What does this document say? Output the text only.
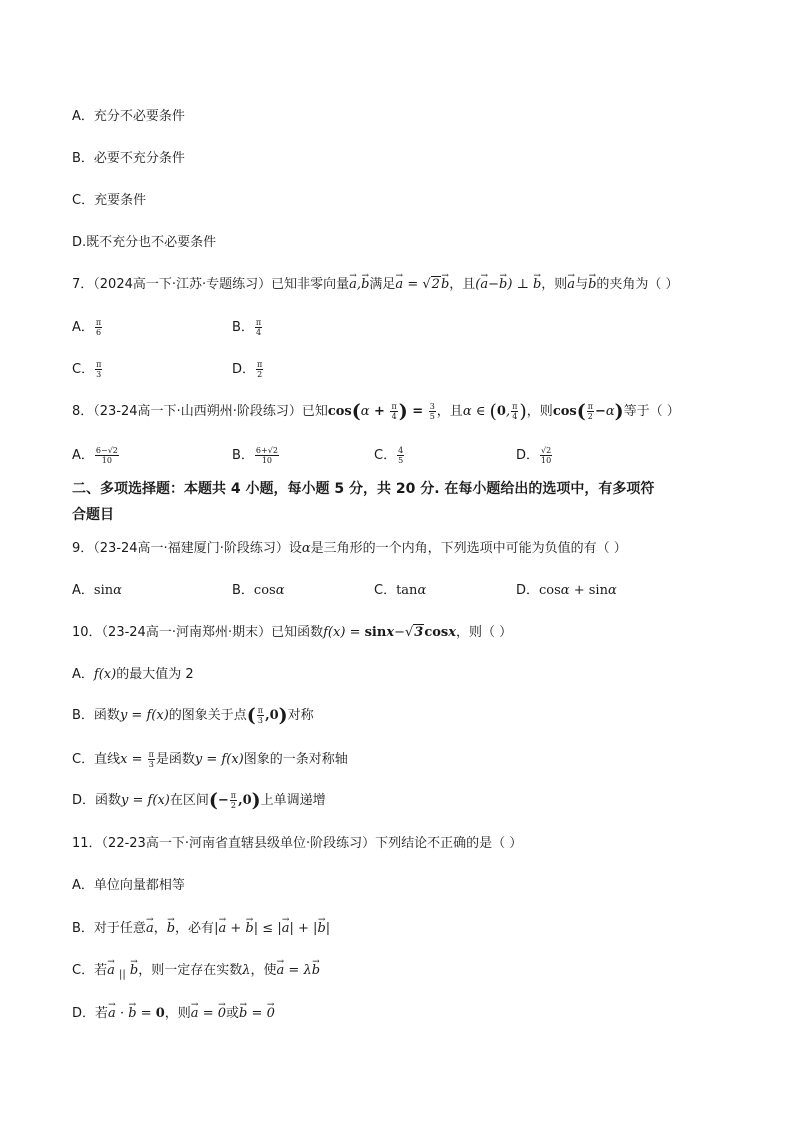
A．充分不必要条件
B．必要不充分条件
C．充要条件
D.既不充分也不必要条件
7．（2024高一下·江苏·专题练习）已知非零向量→ a,→ b满足→ a = √2→ b，且(→ a−→ b) ⊥ → b，则→ a与→ b的夹角为（ ）
A． $\frac{\pi}{6}$	B． $\frac{\pi}{4}$
C． $\frac{\pi}{3}$	D． $\frac{\pi}{2}$
8．（23-24高一下·山西朔州·阶段练习）已知$\cos(\alpha + \frac{\pi}{4}$ ) = $\frac{3}{5}$ ，且α ∈ (0, $\frac{\pi}{4}$ )，则$\cos( \frac{\pi}{2} -\alpha)$等于（ ）
A． $\frac{6-√2}{10}$	B． $\frac{6+√2}{10}$	C． $\frac{4}{5}$	D． $\frac{√2}{10}$
二、多项选择题：本题共 4 小题，每小题 5 分，共 20 分. 在每小题给出的选项中，有多项符
合题目
9．（23-24高一·福建厦门·阶段练习）设α是三角形的一个内角，下列选项中可能为负值的有（ ）
A．sinα	B．cosα	C．tanα	D．cosα + sinα
10．（23-24高一·河南郑州·期末）已知函数f(x) = sinx−√3cosx，则（ ）
A．f(x)的最大值为 2
B．函数y = f(x)的图象关于点( $\frac{\pi}{3} ,0$)对称
C．直线$x = \frac{\pi}{3}$ 是函数y = f(x)图象的一条对称轴
D．函数y = f(x)在区间(− $\frac{\pi}{2} ,0$)上单调递增
11．（22-23高一下·河南省直辖县级单位·阶段练习）下列结论不正确的是（ ）
A．单位向量都相等
B．对于任意→ a，→ b，必有|→ a + → b| ≤ |→ a| + |→ b|
C．若→ a $_{||}$ → b，则一定存在实数λ，使→ a = λ→ b
D．若→ a · → b = 0，则→ a = → 0或→ b = → 0
